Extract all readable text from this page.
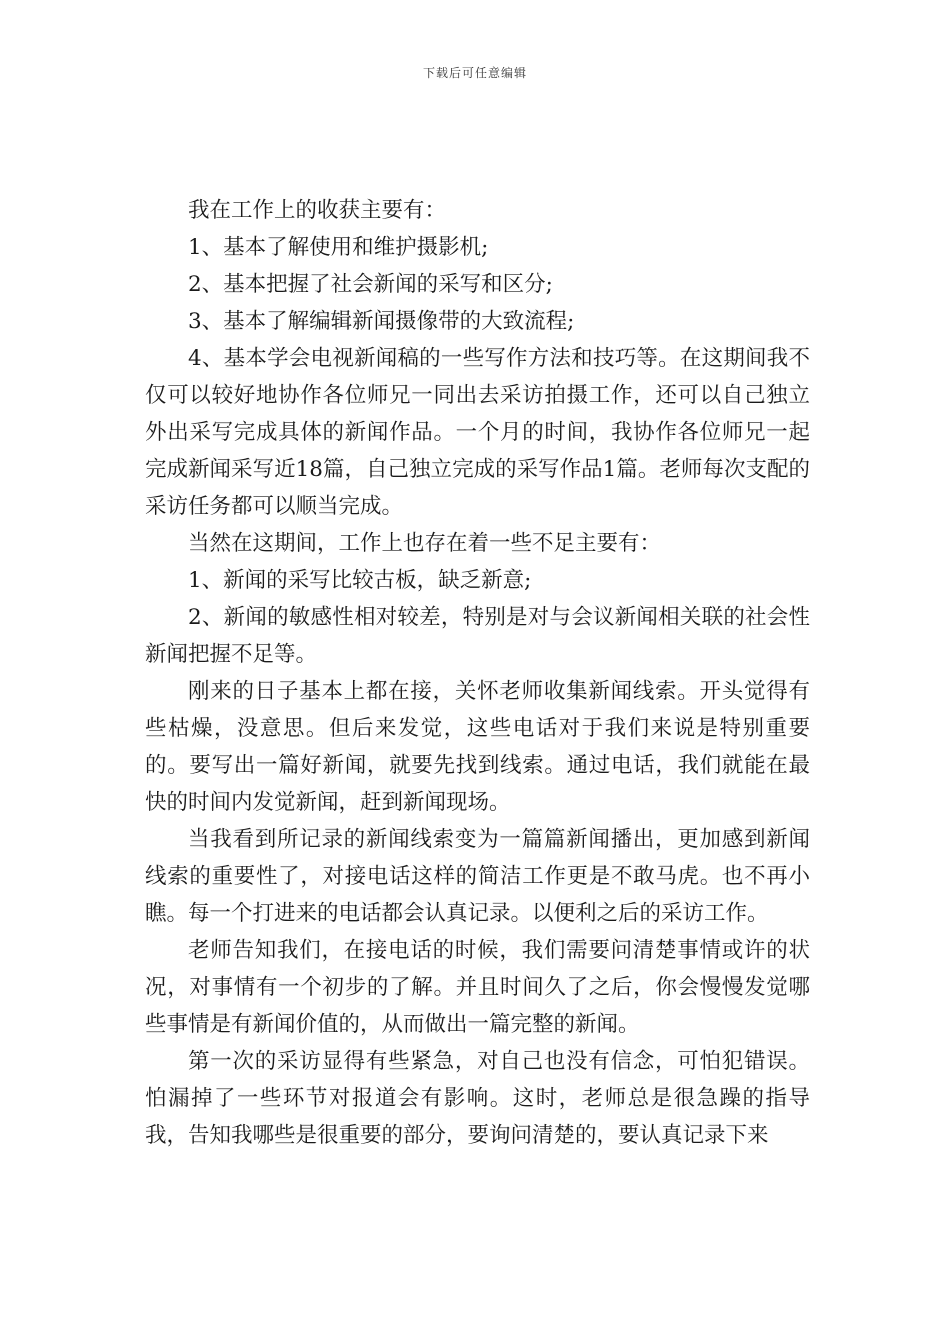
下载后可任意编辑

我在工作上的收获主要有：

1、基本了解使用和维护摄影机;

2、基本把握了社会新闻的采写和区分;

3、基本了解编辑新闻摄像带的大致流程;

4、基本学会电视新闻稿的一些写作方法和技巧等。在这期间我不仅可以较好地协作各位师兄一同出去采访拍摄工作，还可以自己独立外出采写完成具体的新闻作品。一个月的时间，我协作各位师兄一起完成新闻采写近18篇，自己独立完成的采写作品1篇。老师每次支配的采访任务都可以顺当完成。

当然在这期间，工作上也存在着一些不足主要有：

1、新闻的采写比较古板，缺乏新意;

2、新闻的敏感性相对较差，特别是对与会议新闻相关联的社会性新闻把握不足等。

刚来的日子基本上都在接，关怀老师收集新闻线索。开头觉得有些枯燥，没意思。但后来发觉，这些电话对于我们来说是特别重要的。要写出一篇好新闻，就要先找到线索。通过电话，我们就能在最快的时间内发觉新闻，赶到新闻现场。

当我看到所记录的新闻线索变为一篇篇新闻播出，更加感到新闻线索的重要性了，对接电话这样的简洁工作更是不敢马虎。也不再小瞧。每一个打进来的电话都会认真记录。以便利之后的采访工作。

老师告知我们，在接电话的时候，我们需要问清楚事情或许的状况，对事情有一个初步的了解。并且时间久了之后，你会慢慢发觉哪些事情是有新闻价值的，从而做出一篇完整的新闻。

第一次的采访显得有些紧急，对自己也没有信念，可怕犯错误。怕漏掉了一些环节对报道会有影响。这时，老师总是很急躁的指导我，告知我哪些是很重要的部分，要询问清楚的，要认真记录下来
